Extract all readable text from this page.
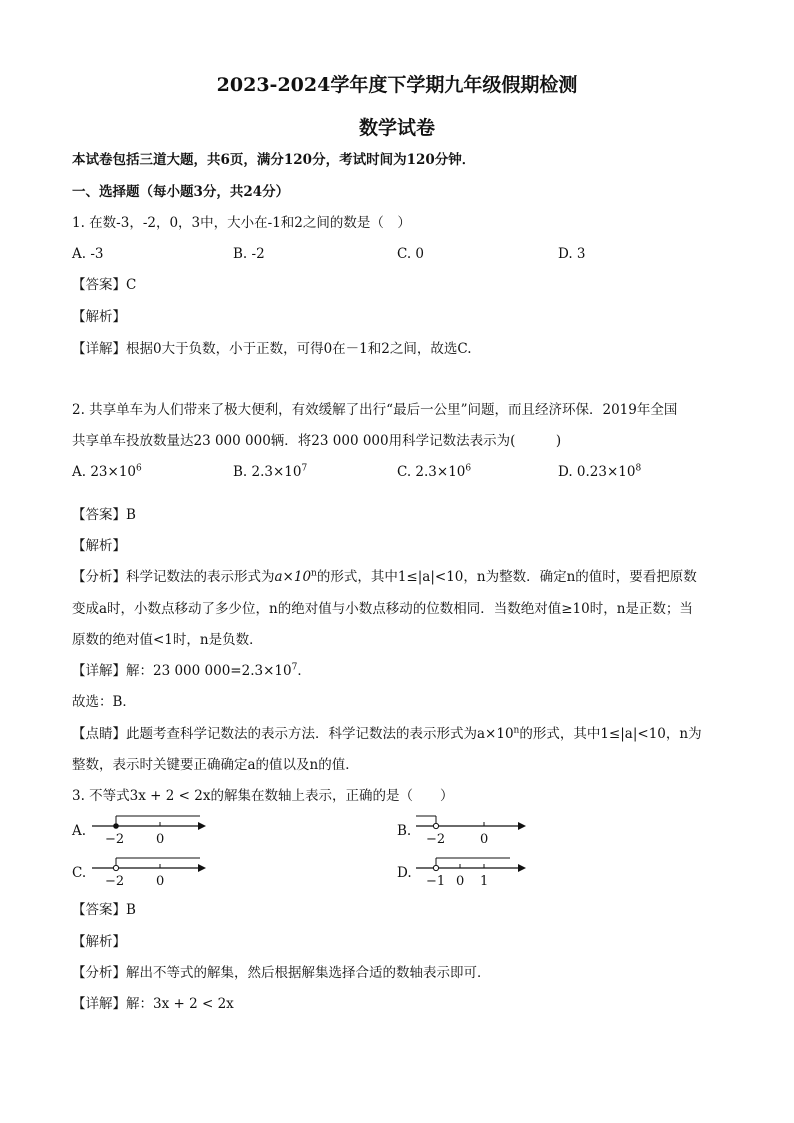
2023-2024学年度下学期九年级假期检测
数学试卷
本试卷包括三道大题，共6页，满分120分，考试时间为120分钟．
一、选择题（每小题3分，共24分）
1. 在数-3，-2，0，3中，大小在-1和2之间的数是（　）
A. -3	B. -2	C. 0	D. 3
【答案】C
【解析】
【详解】根据0大于负数，小于正数，可得0在－1和2之间，故选C.
2. 共享单车为人们带来了极大便利，有效缓解了出行“最后一公里”问题，而且经济环保．2019年全国
共享单车投放数量达23 000 000辆．将23 000 000用科学记数法表示为(　　　)
A. $23\times 10^6$	B. $2.3\times 10^7$	C. $2.3\times 10^6$	D. $0.23\times 10^8$
【答案】B
【解析】
【分析】科学记数法的表示形式为$a\times 10^n$的形式，其中1≤|a|<10，n为整数．确定n的值时，要看把原数
变成a时，小数点移动了多少位，n的绝对值与小数点移动的位数相同．当数绝对值≥10时，n是正数；当
原数的绝对值<1时，n是负数．
【详解】解：23 000 $000=2.3\times 10^7$．
故选：B．
【点睛】此题考查科学记数法的表示方法．科学记数法的表示形式为$a\times 10^n$的形式，其中1≤|a|<10，n为
整数，表示时关键要正确确定a的值以及n的值．
3. 不等式3x + 2 < 2x的解集在数轴上表示，正确的是（　　）
A.
−2 0
B.
−2	0
C.
−2 0
D.
−1 0 1
【答案】B
【解析】
【分析】解出不等式的解集，然后根据解集选择合适的数轴表示即可．
【详解】解：3x + 2 < 2x
